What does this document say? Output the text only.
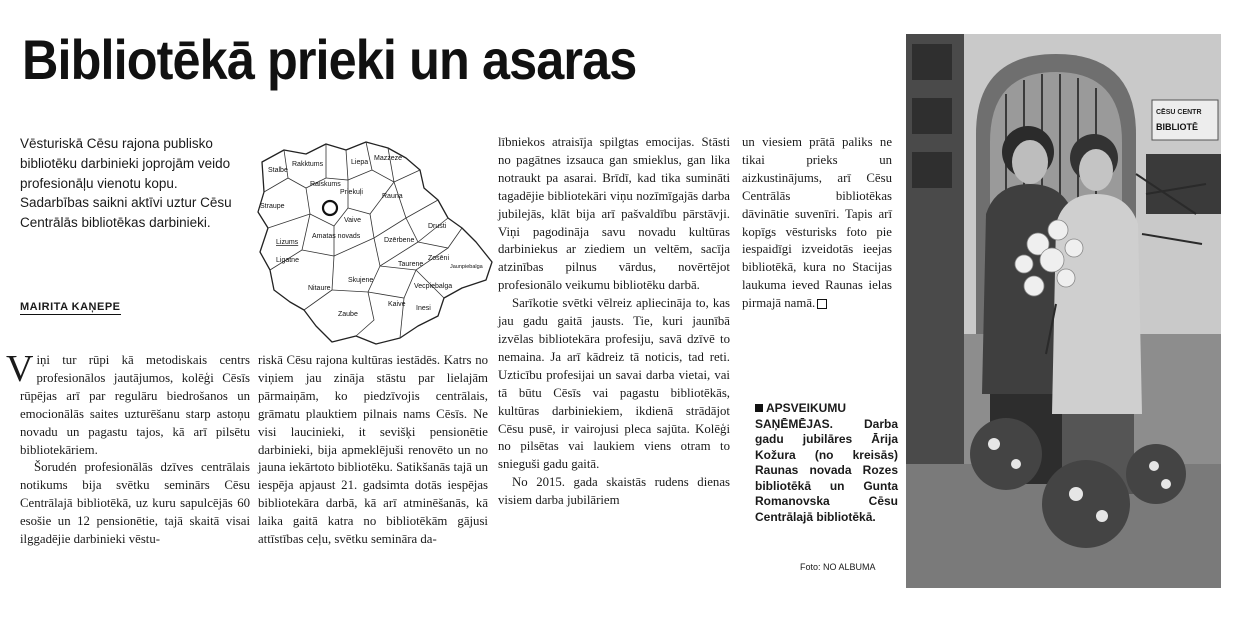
Bibliotēkā prieki un asaras
Vēsturiskā Cēsu rajona publisko bibliotēku darbinieki joprojām veido profesionāļu vienotu kopu. Sadarbības saikni aktīvi uztur Cēsu Centrālās bibliotēkas darbinieki.
MAIRITA KAŅEPE
Stalbe
Rakktums	Liepa
Mazzeze
Raiskums
Straupe
Priekuļi
Rauna
Vaive
Drusti
Lizums
Amatas novads
Dzērbene
Ligatne	Zosēni
Taurene	Jaunpiebalga
Skujene
Nitaure	Vecpiebalga
Kaive
Zaube
Inesi

Viņi tur rūpi kā metodiskais centrs profesionālos jautājumos, kolēģi Cēsīs rūpējas arī par regulāru biedrošanos un emocionālās saites uzturēšanu starp astoņu novadu un pagastu tajos, kā arī pilsētu bibliotekāriem.

Šorudén profesionālās dzīves centrālais notikums bija svētku seminārs Cēsu Centrālajā bibliotēkā, uz kuru sapulcējās 60 esošie un 12 pensionētie, tajā skaitā visai ilggadējie darbinieki vēstu-

riskā Cēsu rajona kultūras iestādēs. Katrs no viņiem jau zināja stāstu par lielajām pārmaiņām, ko piedzīvojis centrālais, grāmatu plauktiem pilnais nams Cēsīs. Ne visi laucinieki, it sevišķi pensionētie darbinieki, bija apmeklējuši renovēto un no jauna iekārtoto bibliotēku. Satikšanās tajā un iespēja apjaust 21. gadsimta dotās iespējas bibliotekāra darbā, kā arī atminēšanās, kā laika gaitā katra no bibliotēkām gājusi attīstības ceļu, svētku semināra da-

lībniekos atraisīja spilgtas emocijas. Stāsti no pagātnes izsauca gan smieklus, gan lika notraukt pa asarai. Brīdī, kad tika sumināti tagadējie bibliotekāri viņu nozīmīgajās darba jubilejās, klāt bija arī pašvaldību pārstāvji. Viņi pagodināja savu novadu kultūras darbiniekus ar ziediem un veltēm, sacīja atzinības pilnus vārdus, novērtējot profesionālo veikumu bibliotēku darbā.

Sarīkotie svētki vēlreiz apliecināja to, kas jau gadu gaitā jausts. Tie, kuri jaunībā izvēlas bibliotekāra profesiju, savā dzīvē to nemaina. Ja arī kādreiz tā noticis, tad reti. Uzticību profesijai un savai darba vietai, vai tā būtu Cēsīs vai pagastu bibliotēkās, kultūras darbiniekiem, ikdienā strādājot Cēsu pusē, ir vairojusi pleca sajūta. Kolēģi no pilsētas vai laukiem viens otram to snieguši gadu gaitā.

No 2015. gada skaistās rudens dienas visiem darba jubilāriem

un viesiem prātā paliks ne tikai prieks un aizkustinājums, arī Cēsu Centrālās bibliotēkas dāvinātie suvenīri. Tapis arī kopīgs vēsturisks foto pie iespaidīgi izveidotās ieejas bibliotēkā, kura no Stacijas laukuma ieved Raunas ielas pirmajā namā.

APSVEIKUMU SAŅĒMĒJAS. Darba gadu jubilāres Ārija Kožura (no kreisās) Raunas novada Rozes bibliotēkā un Gunta Romanovska Cēsu Centrālajā bibliotēkā.
Foto: NO ALBUMA
CĒSU CENTR
BIBLIOTĒ
